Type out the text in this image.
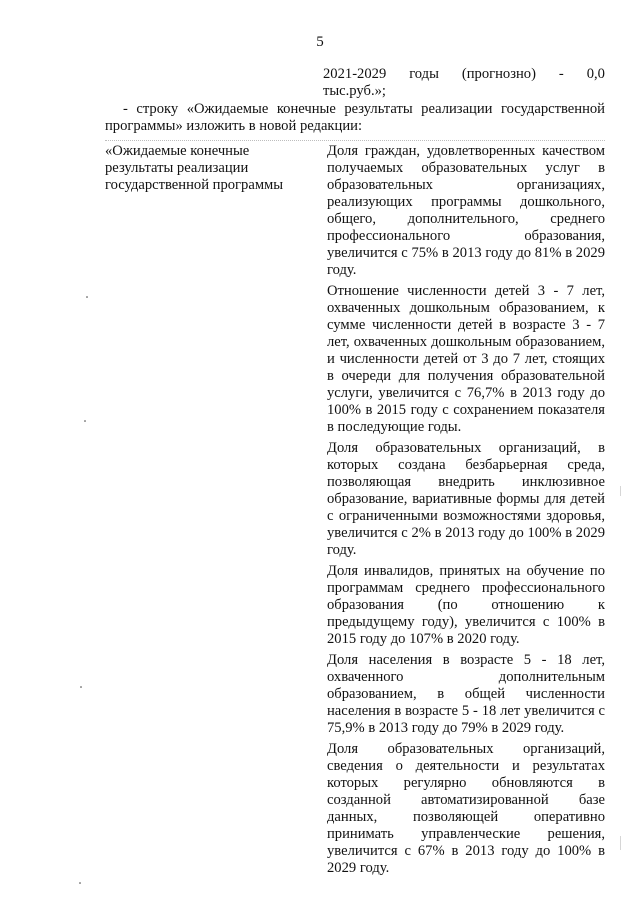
5
2021-2029 годы (прогнозно) - 0,0
тыс.руб.»;
- строку «Ожидаемые конечные результаты реализации государственной программы» изложить в новой редакции:
«Ожидаемые конечные результаты реализации государственной программы

Доля граждан, удовлетворенных качеством получаемых образовательных услуг в образовательных организациях, реализующих программы дошкольного, общего, дополнительного, среднего профессионального образования, увеличится с 75% в 2013 году до 81% в 2029 году.

Отношение численности детей 3 - 7 лет, охваченных дошкольным образованием, к сумме численности детей в возрасте 3 - 7 лет, охваченных дошкольным образованием, и численности детей от 3 до 7 лет, стоящих в очереди для получения образовательной услуги, увеличится с 76,7% в 2013 году до 100% в 2015 году с сохранением показателя в последующие годы.

Доля образовательных организаций, в которых создана безбарьерная среда, позволяющая внедрить инклюзивное образование, вариативные формы для детей с ограниченными возможностями здоровья, увеличится с 2% в 2013 году до 100% в 2029 году.

Доля инвалидов, принятых на обучение по программам среднего профессионального образования (по отношению к предыдущему году), увеличится с 100% в 2015 году до 107% в 2020 году.

Доля населения в возрасте 5 - 18 лет, охваченного дополнительным образованием, в общей численности населения в возрасте 5 - 18 лет увеличится с 75,9% в 2013 году до 79% в 2029 году.

Доля образовательных организаций, сведения о деятельности и результатах которых регулярно обновляются в созданной автоматизированной базе данных, позволяющей оперативно принимать управленческие решения, увеличится с 67% в 2013 году до 100% в 2029 году.
